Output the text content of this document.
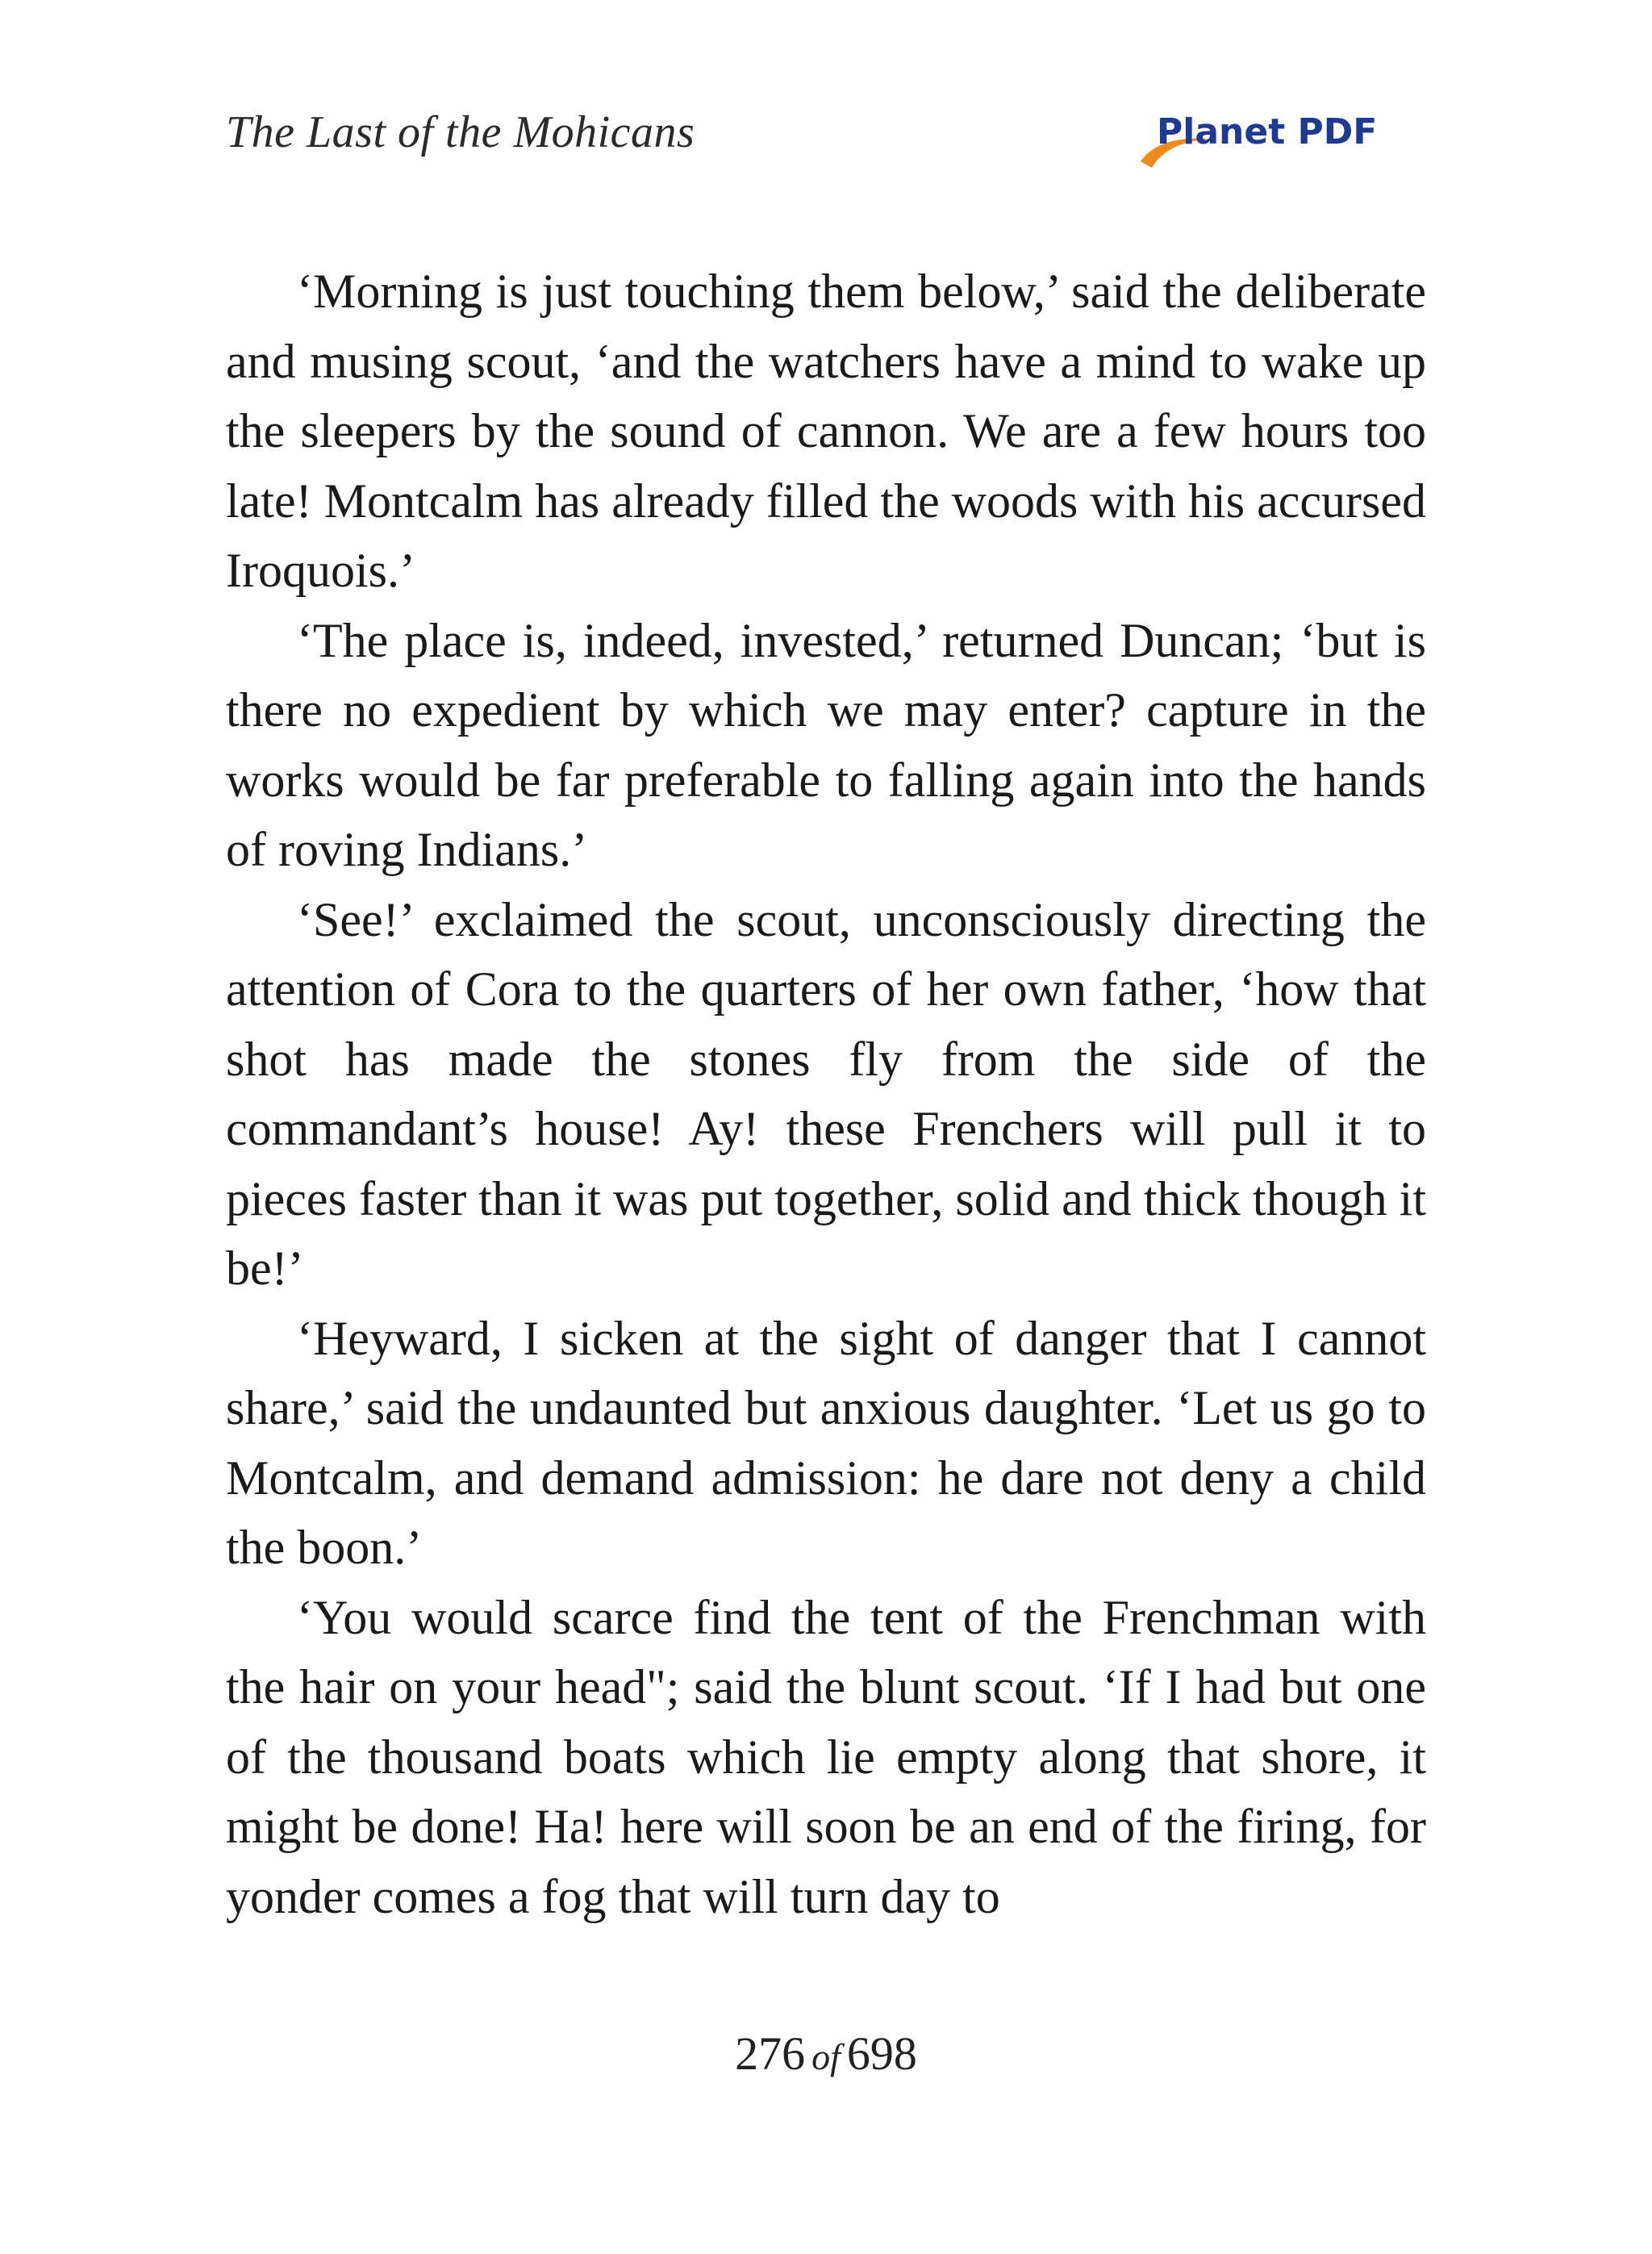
The Last of the Mohicans	Planet PDF

‘Morning is just touching them below,’ said the deliberate and musing scout, ‘and the watchers have a mind to wake up the sleepers by the sound of cannon. We are a few hours too late! Montcalm has already filled the woods with his accursed Iroquois.’

‘The place is, indeed, invested,’ returned Duncan; ‘but is there no expedient by which we may enter? capture in the works would be far preferable to falling again into the hands of roving Indians.’

‘See!’ exclaimed the scout, unconsciously directing the attention of Cora to the quarters of her own father, ‘how that shot has made the stones fly from the side of the commandant’s house! Ay! these Frenchers will pull it to pieces faster than it was put together, solid and thick though it be!’

‘Heyward, I sicken at the sight of danger that I cannot share,’ said the undaunted but anxious daughter. ‘Let us go to Montcalm, and demand admission: he dare not deny a child the boon.’

‘You would scarce find the tent of the Frenchman with the hair on your head"; said the blunt scout. ‘If I had but one of the thousand boats which lie empty along that shore, it might be done! Ha! here will soon be an end of the firing, for yonder comes a fog that will turn day to

276 of 698
